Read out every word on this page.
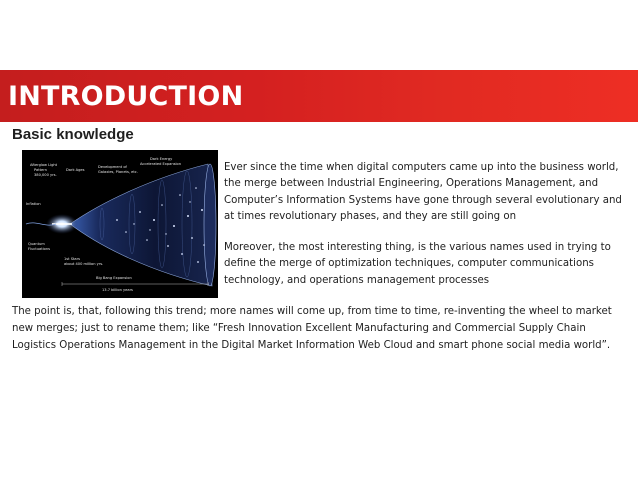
INTRODUCTION
Basic knowledge
Dark Energy
Accelerated Expansion
Afterglow Light
Pattern
380,000 yrs.
Dark Ages
Development of
Galaxies, Planets, etc.
Inflation
Quantum
Fluctuations
1st Stars
about 400 million yrs.
Big Bang Expansion
13.7 billion years
Ever since the time when digital computers came up into the business world, the merge between Industrial Engineering, Operations Management, and Computer’s Information Systems have gone through several evolutionary and at times revolutionary phases, and they are still going on
Moreover, the most interesting thing, is the various names used in trying to define the merge of optimization techniques, computer communications technology, and operations management processes
The point is, that, following this trend; more names will come up, from time to time, re-inventing the wheel to market new merges; just to rename them; like “Fresh Innovation Excellent Manufacturing and Commercial Supply Chain Logistics Operations Management in the Digital Market Information Web Cloud and smart phone social media world”.
